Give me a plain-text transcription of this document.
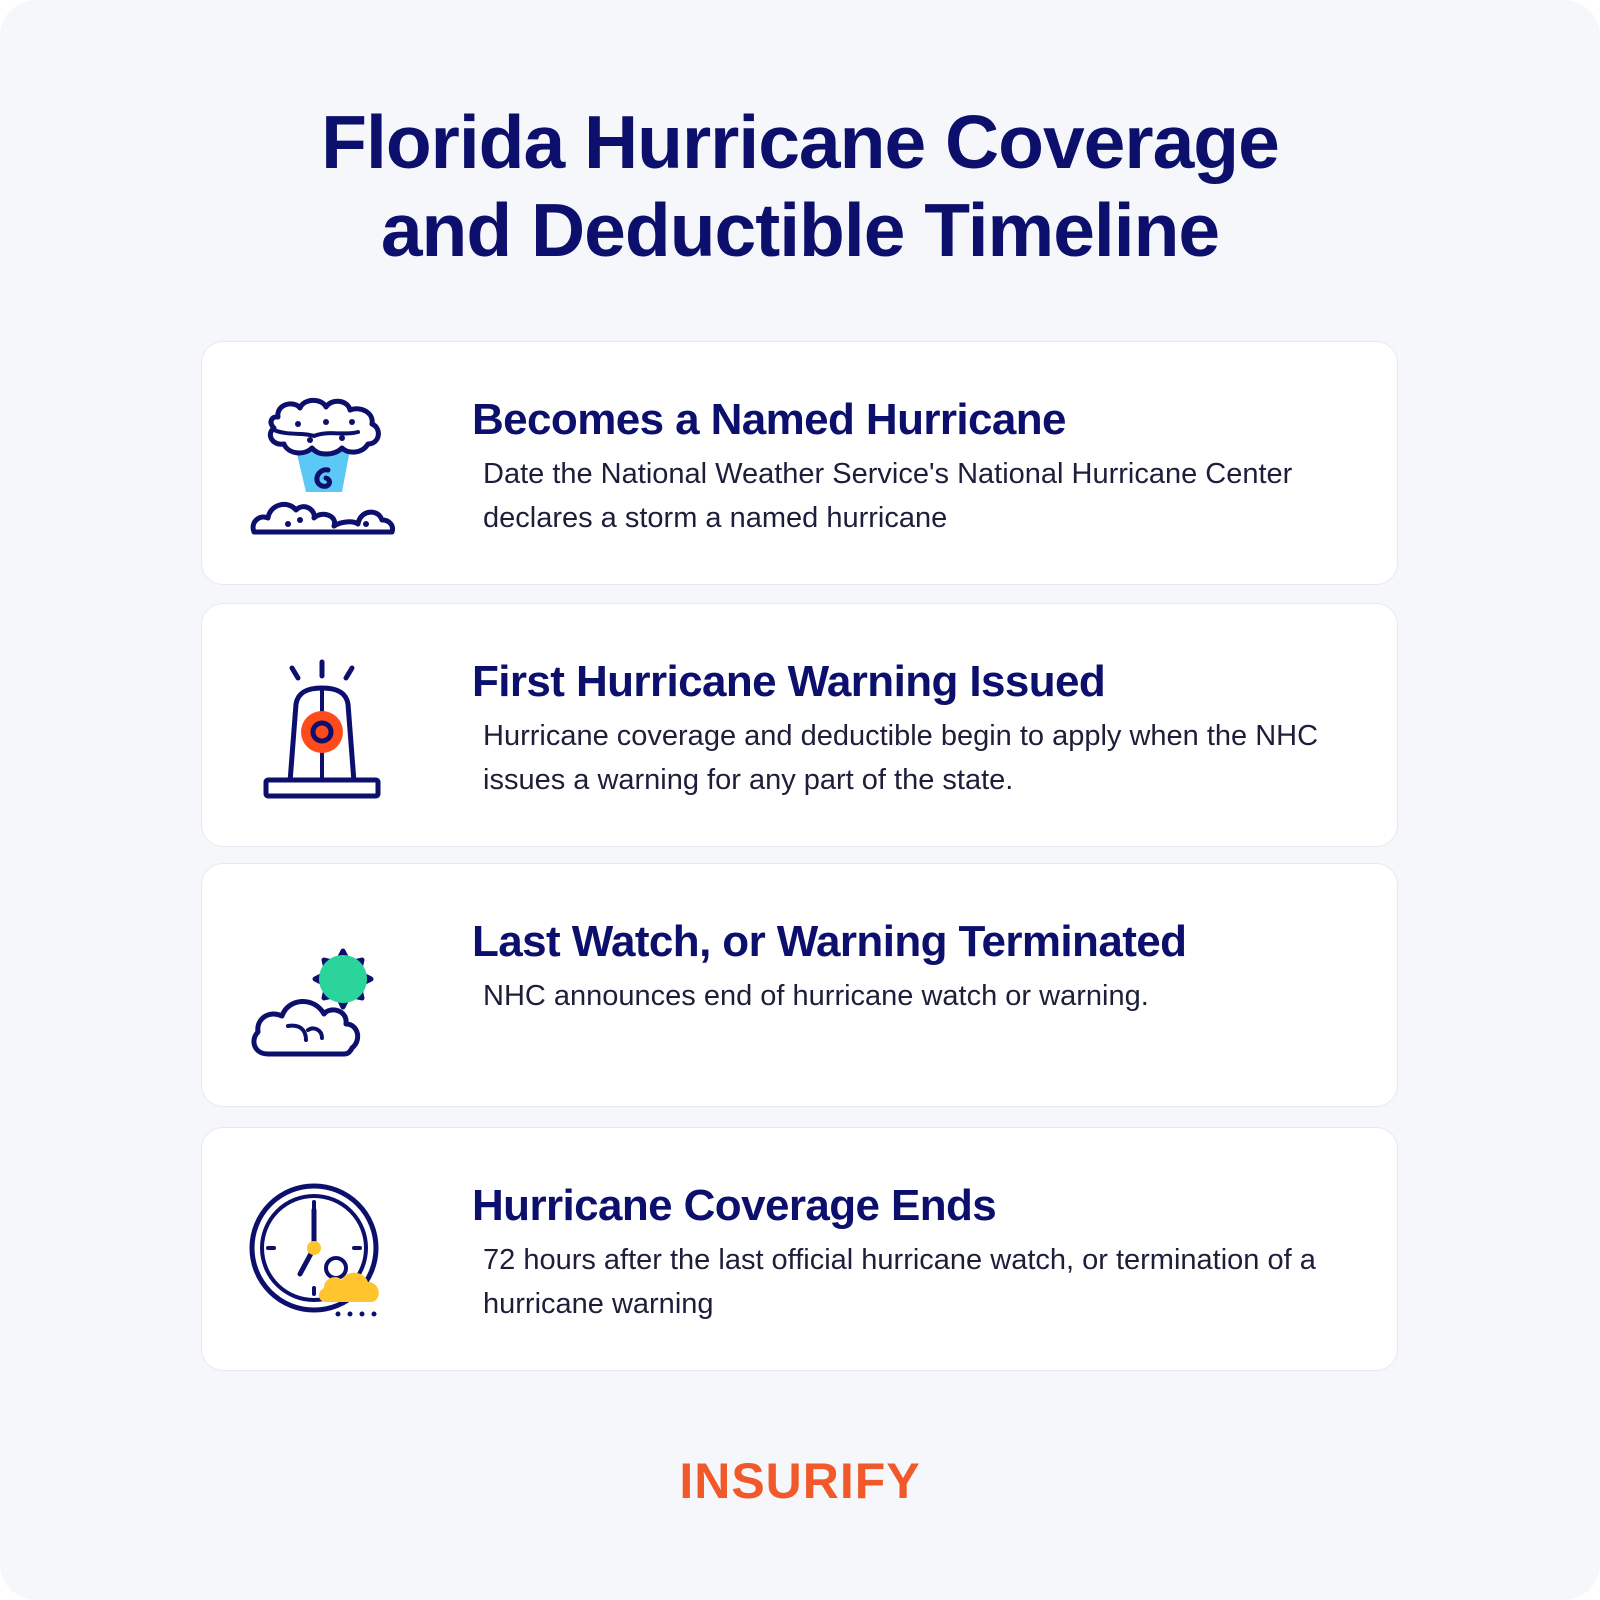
Florida Hurricane Coverage
and Deductible Timeline
Becomes a Named Hurricane

Date the National Weather Service's National Hurricane Center declares a storm a named hurricane

First Hurricane Warning Issued

Hurricane coverage and deductible begin to apply when the NHC issues a warning for any part of the state.

Last Watch, or Warning Terminated

NHC announces end of hurricane watch or warning.

Hurricane Coverage Ends

72 hours after the last official hurricane watch, or termination of a hurricane warning

INSURIFY
